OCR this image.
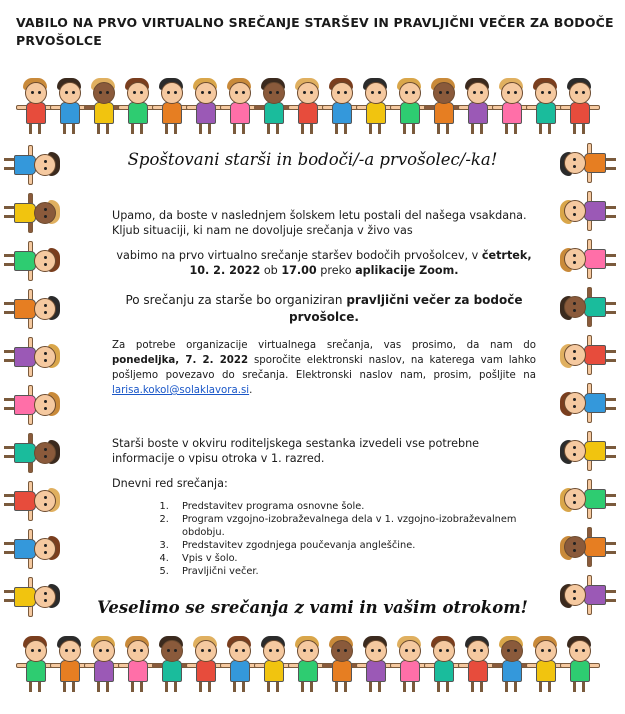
VABILO NA PRVO VIRTUALNO SREČANJE STARŠEV IN PRAVLJIČNI VEČER ZA BODOČE PRVOŠOLCE
Spoštovani starši in bodoči/-a prvošolec/-ka!
Upamo, da boste v naslednjem šolskem letu postali del našega vsakdana. Kljub situaciji, ki nam ne dovoljuje srečanja v živo vas
vabimo na prvo virtualno srečanje staršev bodočih prvošolcev, v četrtek, 10. 2. 2022 ob 17.00 preko aplikacije Zoom.
Po srečanju za starše bo organiziran pravljični večer za bodoče prvošolce.
Za potrebe organizacije virtualnega srečanja, vas prosimo, da nam do ponedeljka, 7. 2. 2022 sporočite elektronski naslov, na katerega vam lahko pošljemo povezavo do srečanja. Elektronski naslov nam, prosim, pošljite na larisa.kokol@solaklavora.si.
Starši boste v okviru roditeljskega sestanka izvedeli vse potrebne informacije o vpisu otroka v 1. razred.
Dnevni red srečanja:
1. Predstavitev programa osnovne šole.
2. Program vzgojno-izobraževalnega dela v 1. vzgojno-izobraževalnem obdobju.
3. Predstavitev zgodnjega poučevanja angleščine.
4. Vpis v šolo.
5. Pravljični večer.
Veselimo se srečanja z vami in vašim otrokom!
